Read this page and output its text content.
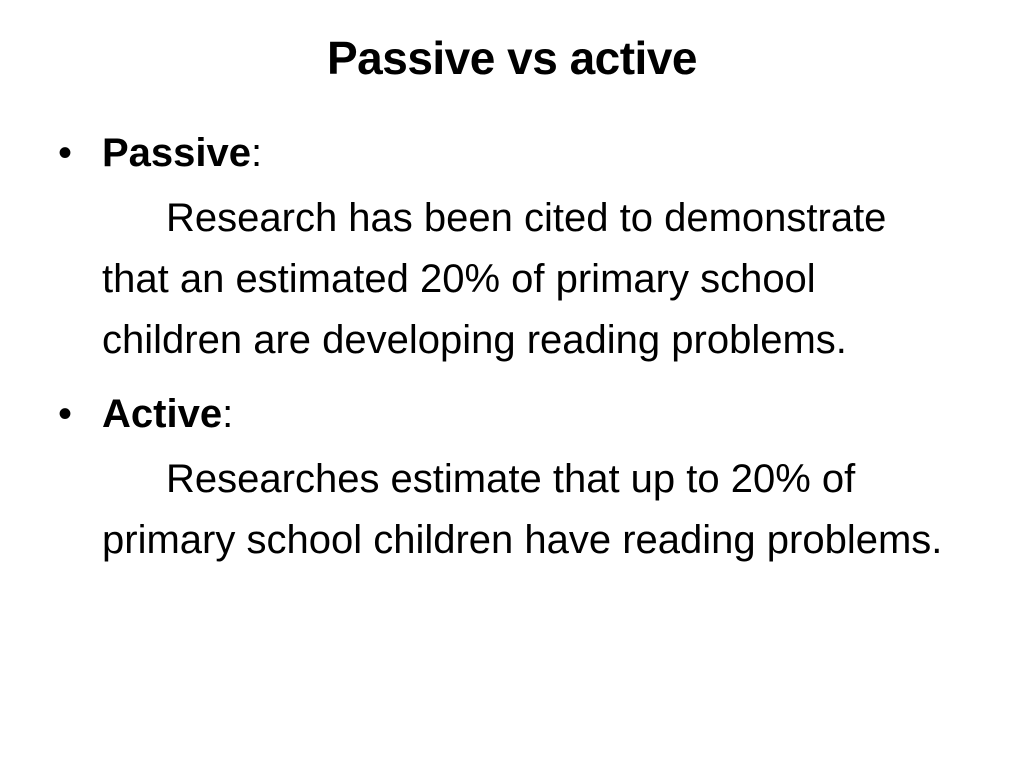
Passive vs active
• Passive:
Research has been cited to demonstrate that an estimated 20% of primary school children are developing reading problems.
• Active:
Researches estimate that up to 20% of primary school children have reading problems.
